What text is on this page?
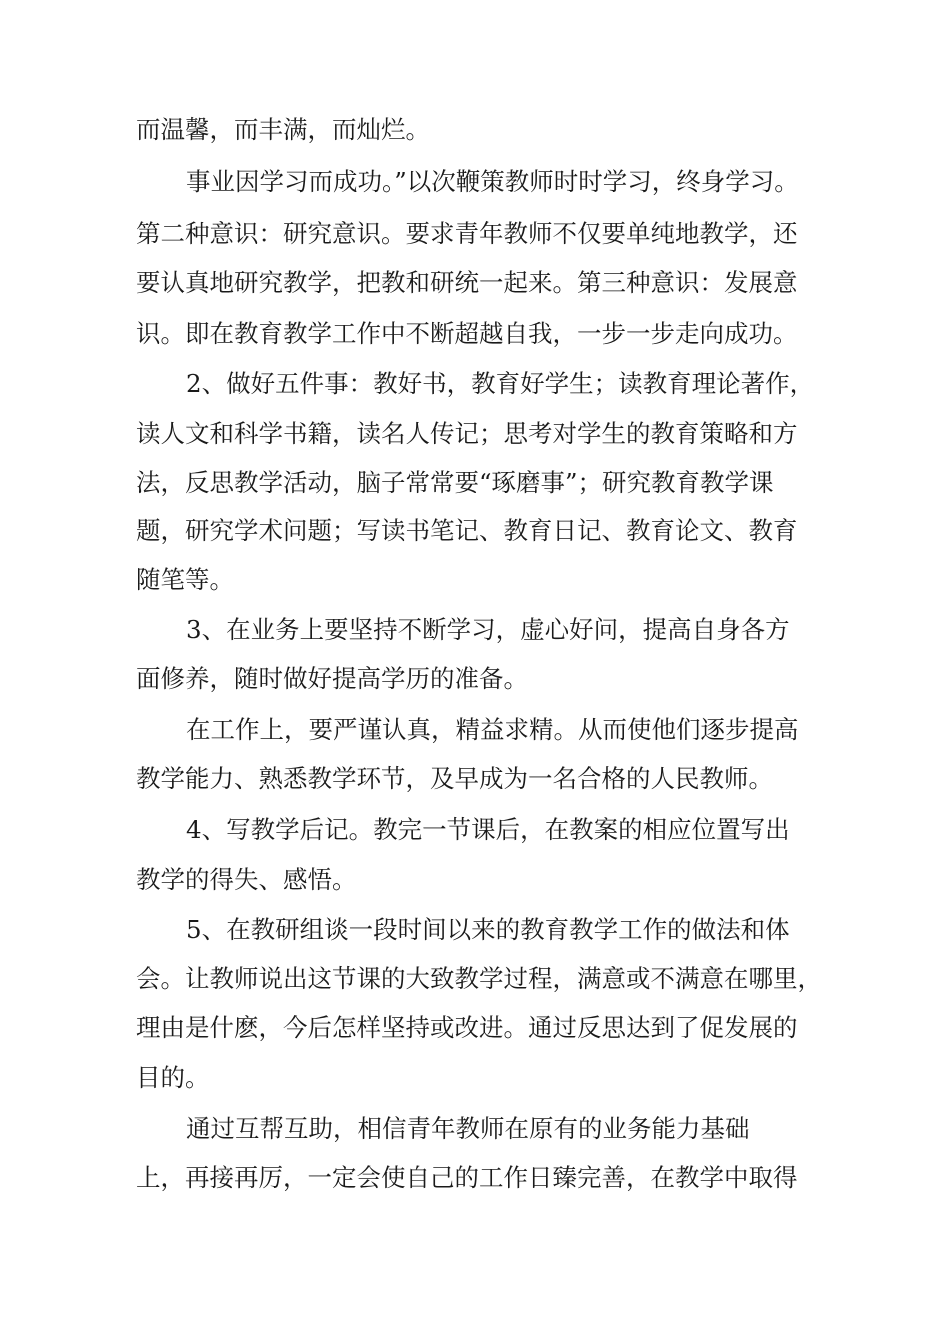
而温馨，而丰满，而灿烂。

事业因学习而成功。”以次鞭策教师时时学习，终身学习。

第二种意识：研究意识。要求青年教师不仅要单纯地教学，还

要认真地研究教学，把教和研统一起来。第三种意识：发展意

识。即在教育教学工作中不断超越自我，一步一步走向成功。

2、做好五件事：教好书，教育好学生；读教育理论著作，

读人文和科学书籍，读名人传记；思考对学生的教育策略和方

法，反思教学活动，脑子常常要“琢磨事”；研究教育教学课

题，研究学术问题；写读书笔记、教育日记、教育论文、教育

随笔等。

3、在业务上要坚持不断学习，虚心好问，提高自身各方

面修养，随时做好提高学历的准备。

在工作上，要严谨认真，精益求精。从而使他们逐步提高

教学能力、熟悉教学环节，及早成为一名合格的人民教师。

4、写教学后记。教完一节课后，在教案的相应位置写出

教学的得失、感悟。

5、在教研组谈一段时间以来的教育教学工作的做法和体

会。让教师说出这节课的大致教学过程，满意或不满意在哪里，

理由是什麽，今后怎样坚持或改进。通过反思达到了促发展的

目的。

通过互帮互助，相信青年教师在原有的业务能力基础

上，再接再厉，一定会使自己的工作日臻完善，在教学中取得
